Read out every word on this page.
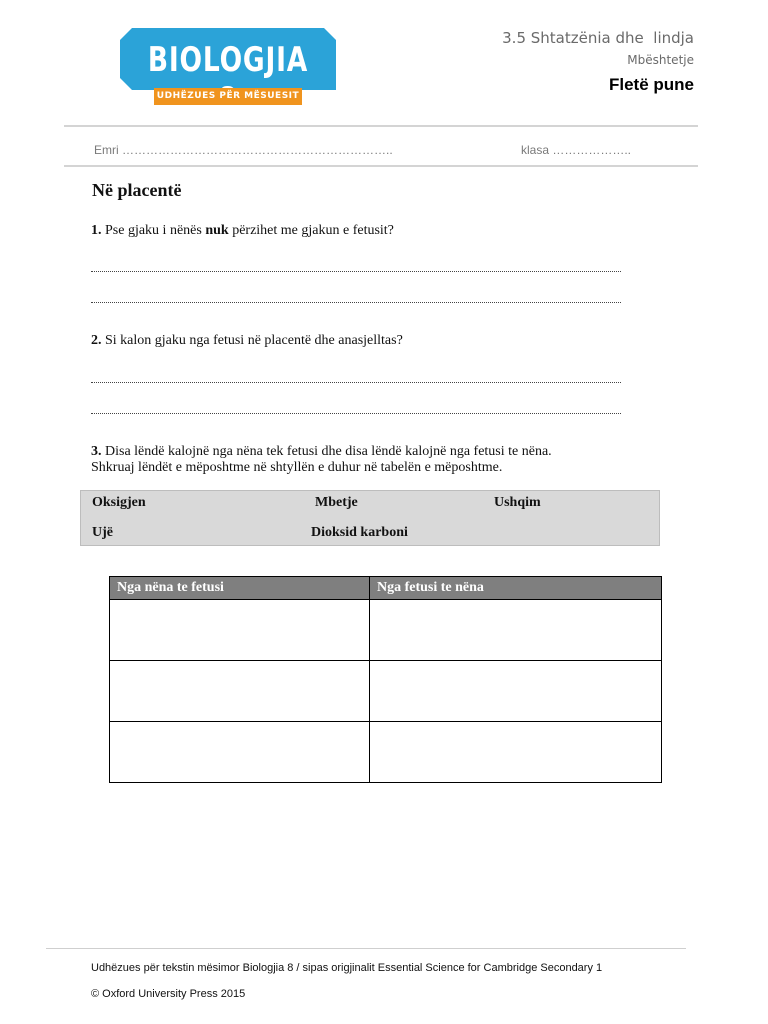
BIOLOGJIA
UDHËZUES PËR MËSUESIT
3.5 Shtatzënia dhe  lindja
Mbështetje
Fletë pune
Emri …………………………………………………………..	klasa ………………..
Në placentë
1. Pse gjaku i nënës nuk përzihet me gjakun e fetusit?
2. Si kalon gjaku nga fetusi në placentë dhe anasjelltas?
3. Disa lëndë kalojnë nga nëna tek fetusi dhe disa lëndë kalojnë nga fetusi te nëna.
Shkruaj lëndët e mëposhtme në shtyllën e duhur në tabelën e mëposhtme.
Oksigjen	Mbetje	Ushqim
Ujë	Dioksid karboni
Nga nëna te fetusi	Nga fetusi te nëna

Udhëzues për tekstin mësimor Biologjia 8 / sipas origjinalit Essential Science for Cambridge Secondary 1
© Oxford University Press 2015
